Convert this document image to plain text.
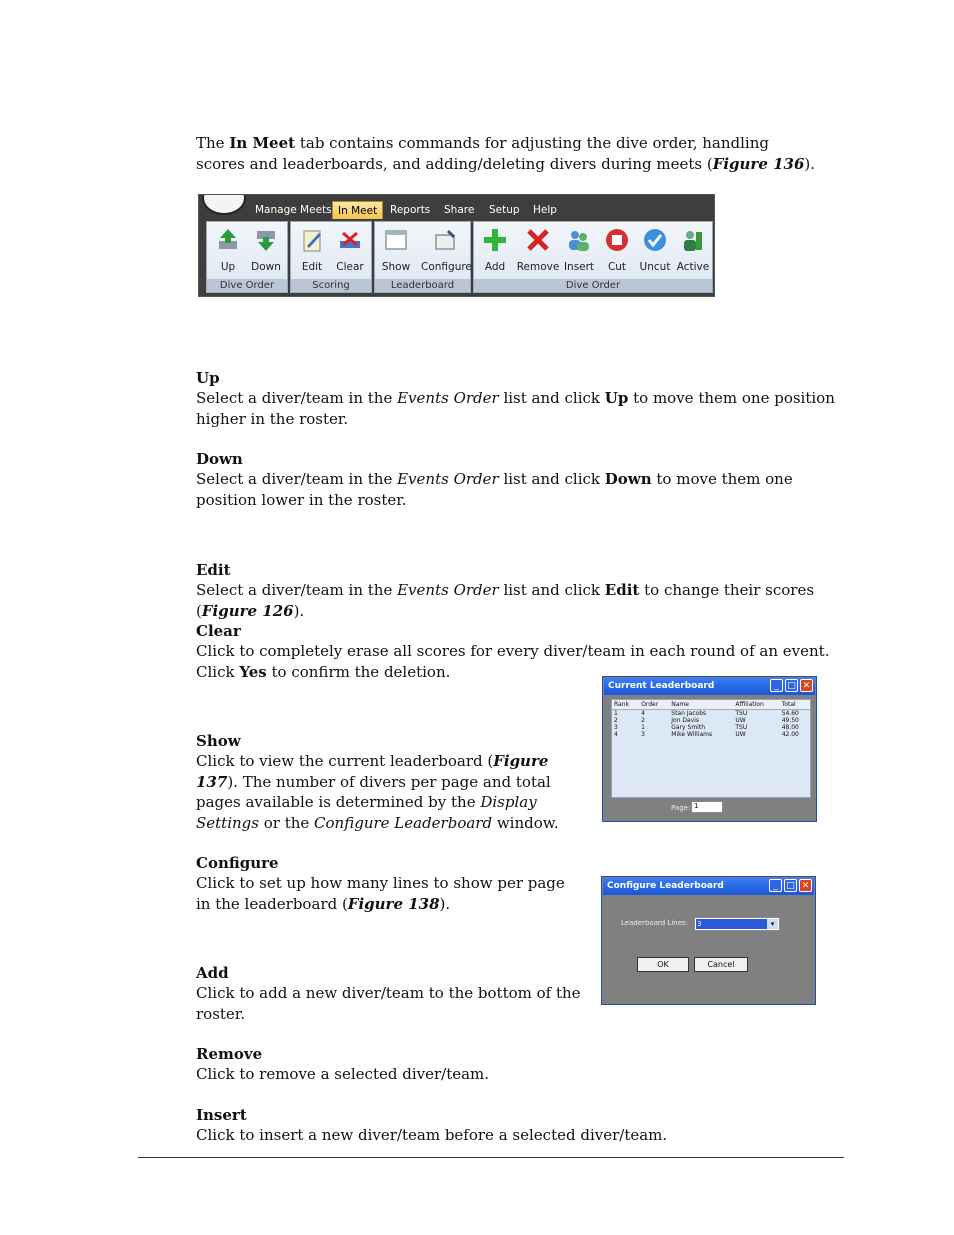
The In Meet tab contains commands for adjusting the dive order, handling scores and leaderboards, and adding/deleting divers during meets (Figure 136).
Manage Meets In Meet	Reports Share Setup Help
Up	Down
Dive Order
Edit	Clear
Scoring
Show	Configure
Leaderboard
Add	Remove Insert	Cut	Uncut Active
Dive Order
Up
Select a diver/team in the Events Order list and click Up to move them one position higher in the roster.
Down
Select a diver/team in the Events Order list and click Down to move them one position lower in the roster.
Edit
Select a diver/team in the Events Order list and click Edit to change their scores (Figure 126).
Clear
Click to completely erase all scores for every diver/team in each round of an event. Click Yes to confirm the deletion.
Show
Click to view the current leaderboard (Figure 137). The number of divers per page and total pages available is determined by the Display Settings or the Configure Leaderboard window.
Configure
Click to set up how many lines to show per page in the leaderboard (Figure 138).
Add
Click to add a new diver/team to the bottom of the roster.
Remove
Click to remove a selected diver/team.
Insert
Click to insert a new diver/team before a selected diver/team.
Current Leaderboard	_ □ ✕
Rank	Order	Name	Affiliation	Total
1	4	Stan Jacobs	TSU	54.60
2	2	Jon Davis	UW	49.50
3	1	Gary Smith	TSU	48.00
4	3	Mike Williams	UW	42.00
Page: 1
Configure Leaderboard	_ □ ✕
Leaderboard Lines: 3	▾
OK	Cancel
